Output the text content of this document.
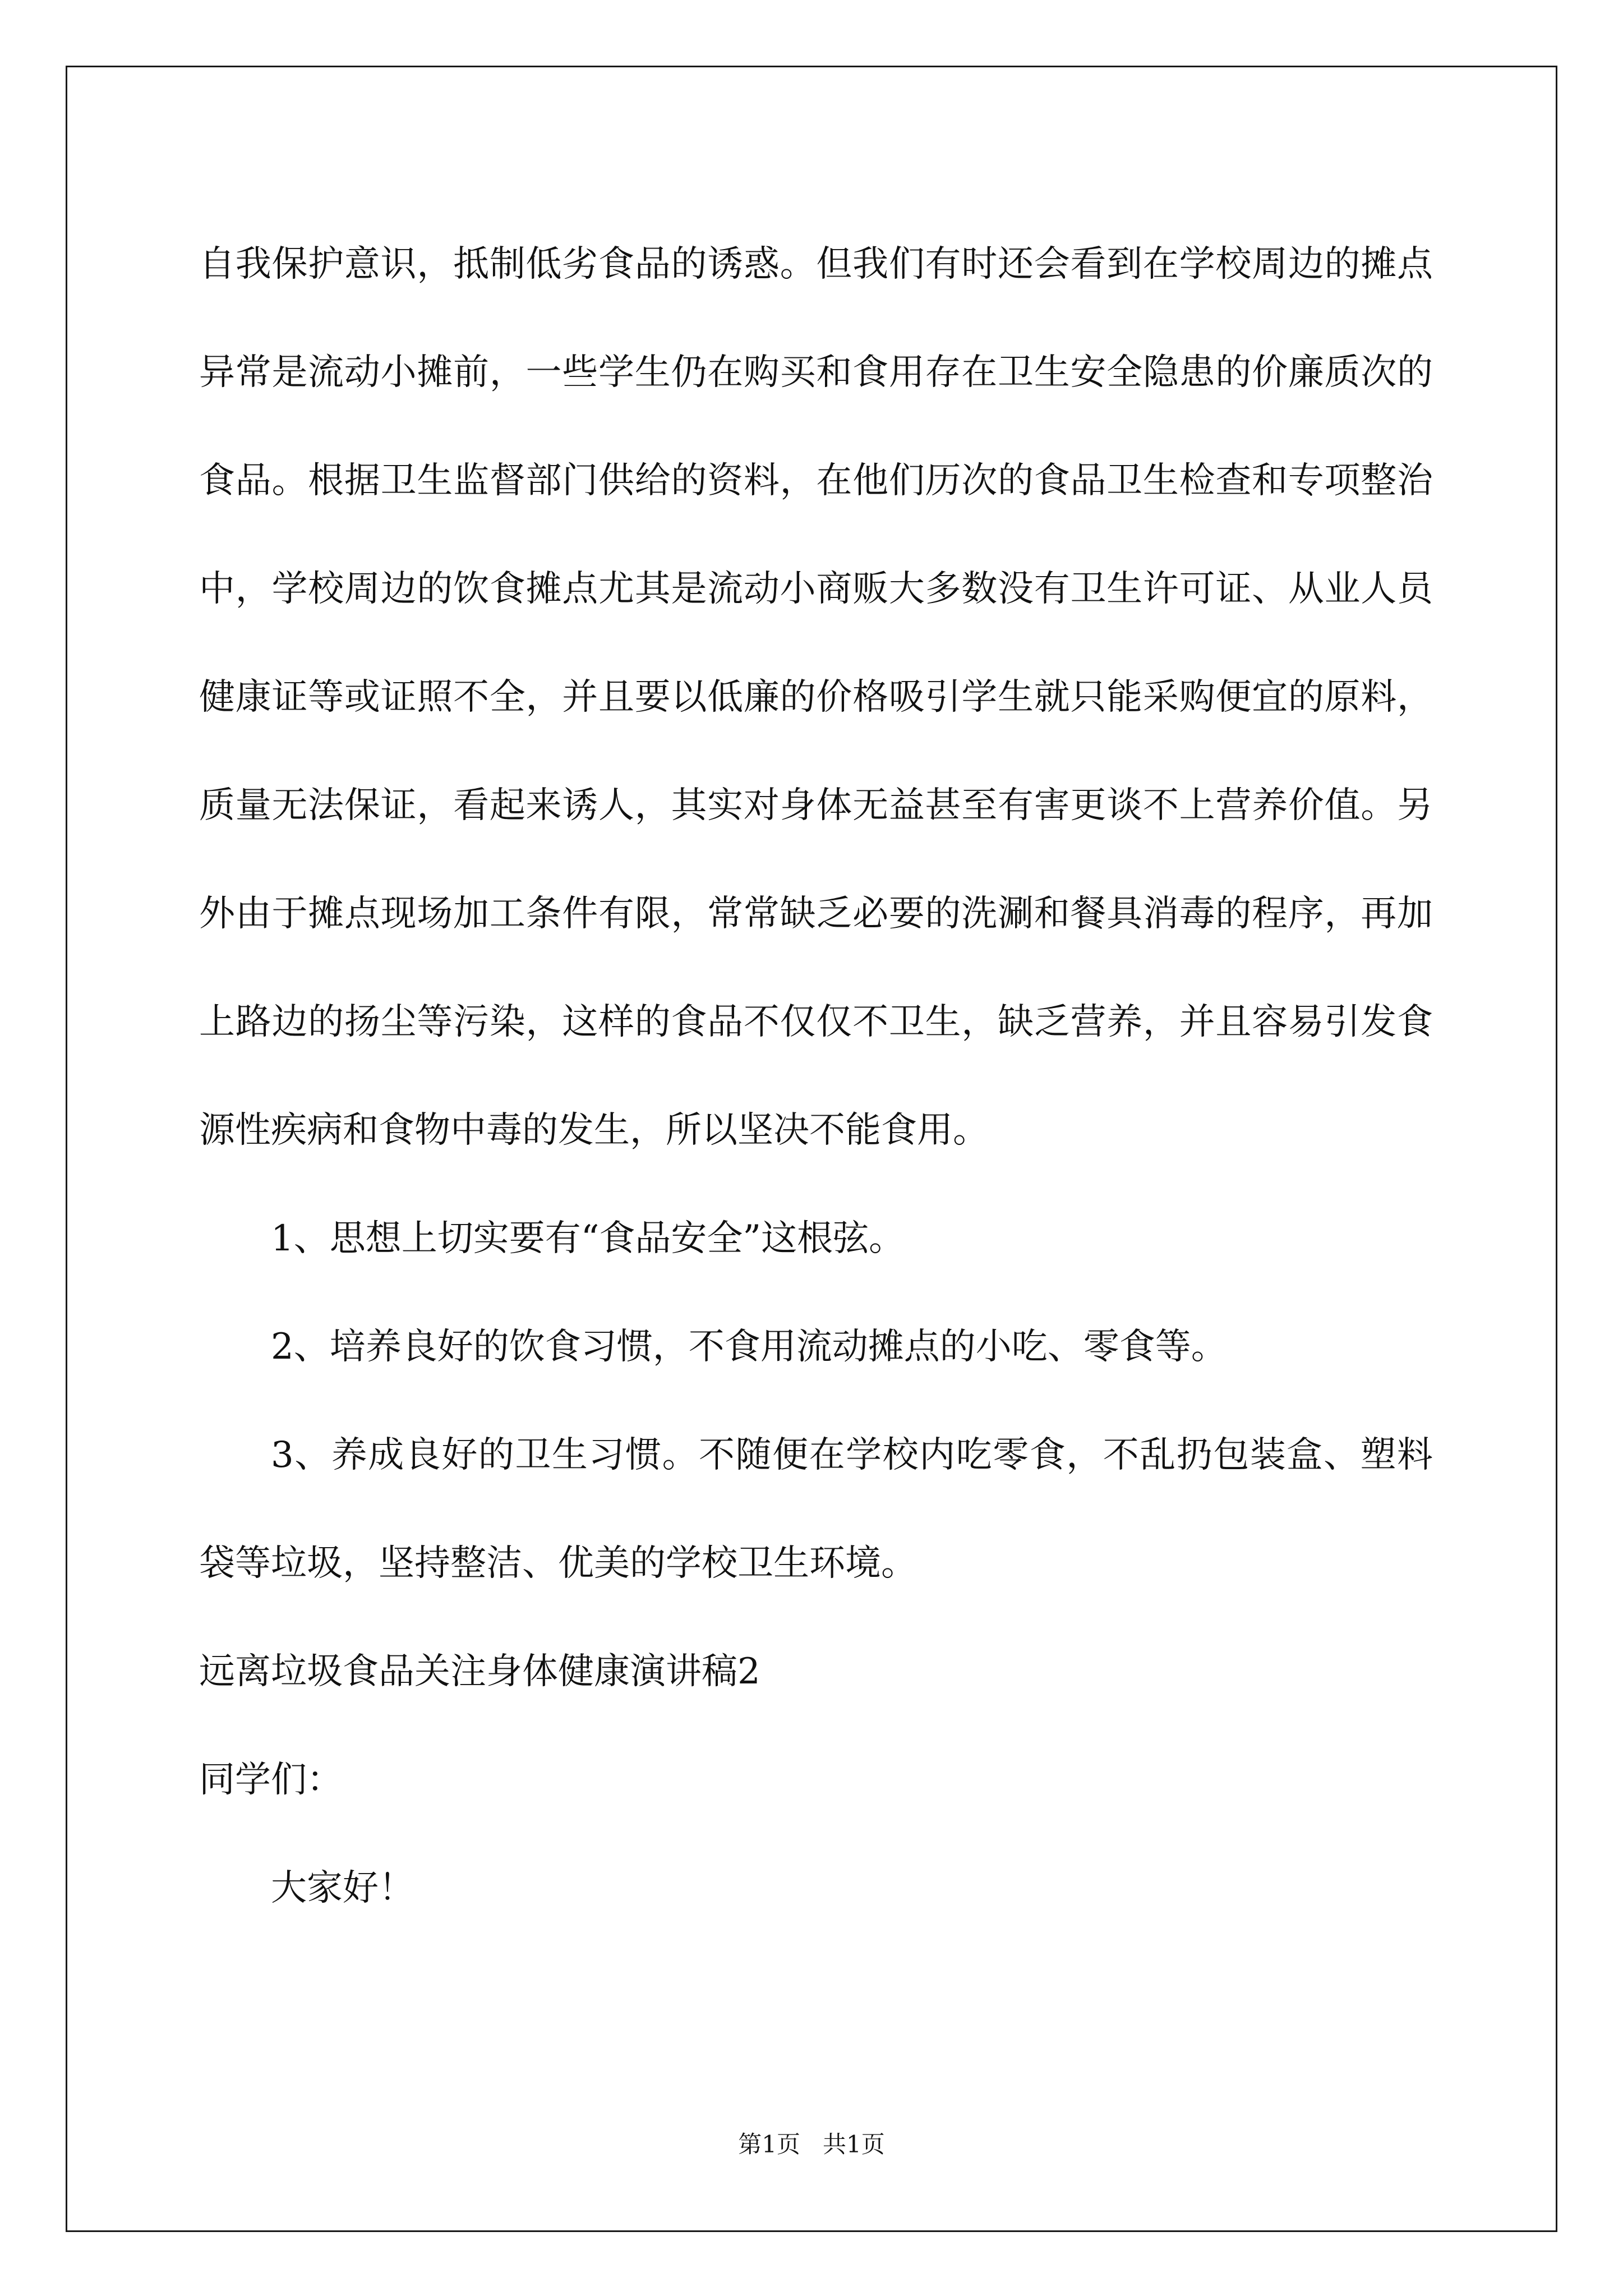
自我保护意识，抵制低劣食品的诱惑。但我们有时还会看到在学校周边的摊点异常是流动小摊前，一些学生仍在购买和食用存在卫生安全隐患的价廉质次的食品。根据卫生监督部门供给的资料，在他们历次的食品卫生检查和专项整治中，学校周边的饮食摊点尤其是流动小商贩大多数没有卫生许可证、从业人员健康证等或证照不全，并且要以低廉的价格吸引学生就只能采购便宜的原料，质量无法保证，看起来诱人，其实对身体无益甚至有害更谈不上营养价值。另外由于摊点现场加工条件有限，常常缺乏必要的洗涮和餐具消毒的程序，再加上路边的扬尘等污染，这样的食品不仅仅不卫生，缺乏营养，并且容易引发食源性疾病和食物中毒的发生，所以坚决不能食用。

1、思想上切实要有“食品安全”这根弦。

2、培养良好的饮食习惯，不食用流动摊点的小吃、零食等。

3、养成良好的卫生习惯。不随便在学校内吃零食，不乱扔包装盒、塑料袋等垃圾，坚持整洁、优美的学校卫生环境。

远离垃圾食品关注身体健康演讲稿2

同学们：

大家好！

第1页   共1页
